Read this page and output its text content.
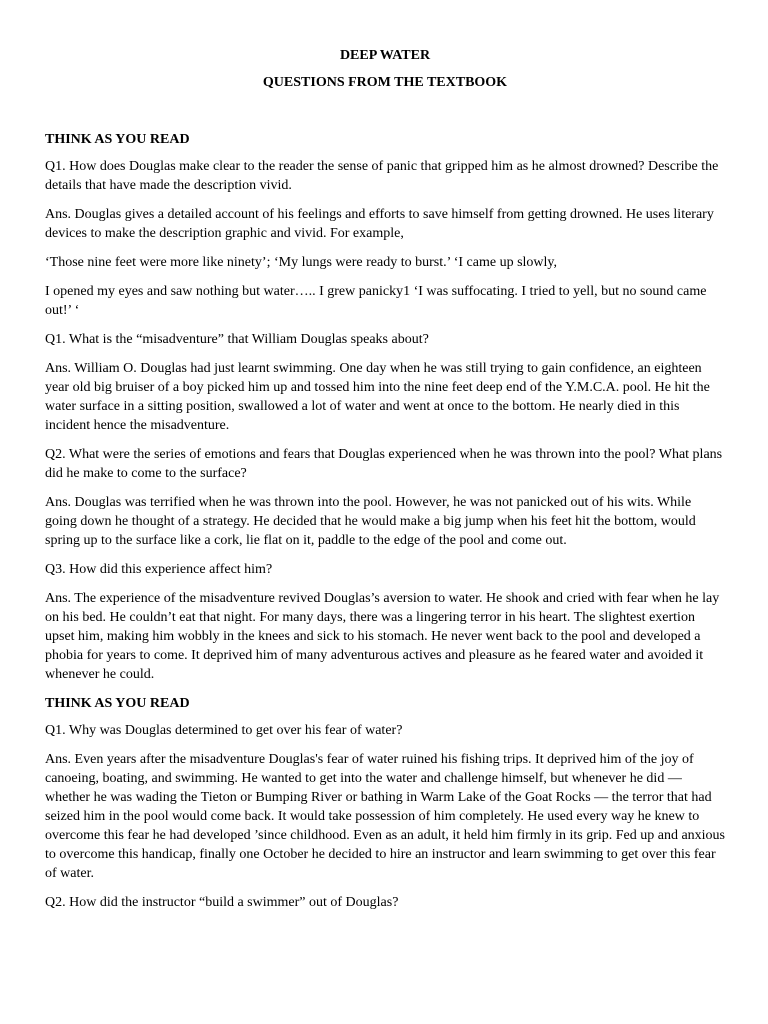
DEEP WATER

QUESTIONS FROM THE TEXTBOOK

THINK AS YOU READ

Q1. How does Douglas make clear to the reader the sense of panic that gripped him as he almost drowned? Describe the details that have made the description vivid.

Ans. Douglas gives a detailed account of his feelings and efforts to save himself from getting drowned. He uses literary devices to make the description graphic and vivid. For example,

‘Those nine feet were more like ninety’; ‘My lungs were ready to burst.’ ‘I came up slowly,

I opened my eyes and saw nothing but water….. I grew panicky1 ‘I was suffocating. I tried to yell, but no sound came out!’ ‘

Q1. What is the “misadventure” that William Douglas speaks about?

Ans. William O. Douglas had just learnt swimming. One day when he was still trying to gain confidence, an eighteen year old big bruiser of a boy picked him up and tossed him into the nine feet deep end of the Y.M.C.A. pool. He hit the water surface in a sitting position, swallowed a lot of water and went at once to the bottom. He nearly died in this incident hence the misadventure.

Q2. What were the series of emotions and fears that Douglas experienced when he was thrown into the pool? What plans did he make to come to the surface?

Ans. Douglas was terrified when he was thrown into the pool. However, he was not panicked out of his wits. While going down he thought of a strategy. He decided that he would make a big jump when his feet hit the bottom, would spring up to the surface like a cork, lie flat on it, paddle to the edge of the pool and come out.

Q3. How did this experience affect him?

Ans. The experience of the misadventure revived Douglas’s aversion to water. He shook and cried with fear when he lay on his bed. He couldn’t eat that night. For many days, there was a lingering terror in his heart. The slightest exertion upset him, making him wobbly in the knees and sick to his stomach. He never went back to the pool and developed a phobia for years to come. It deprived him of many adventurous actives and pleasure as he feared water and avoided it whenever he could.

THINK AS YOU READ

Q1. Why was Douglas determined to get over his fear of water?

Ans. Even years after the misadventure Douglas's fear of water ruined his fishing trips. It deprived him of the joy of canoeing, boating, and swimming. He wanted to get into the water and challenge himself, but whenever he did — whether he was wading the Tieton or Bumping River or bathing in Warm Lake of the Goat Rocks — the terror that had seized him in the pool would come back. It would take possession of him completely. He used every way he knew to overcome this fear he had developed ’since childhood. Even as an adult, it held him firmly in its grip. Fed up and anxious to overcome this handicap, finally one October he decided to hire an instructor and learn swimming to get over this fear of water.

Q2. How did the instructor “build a swimmer” out of Douglas?
